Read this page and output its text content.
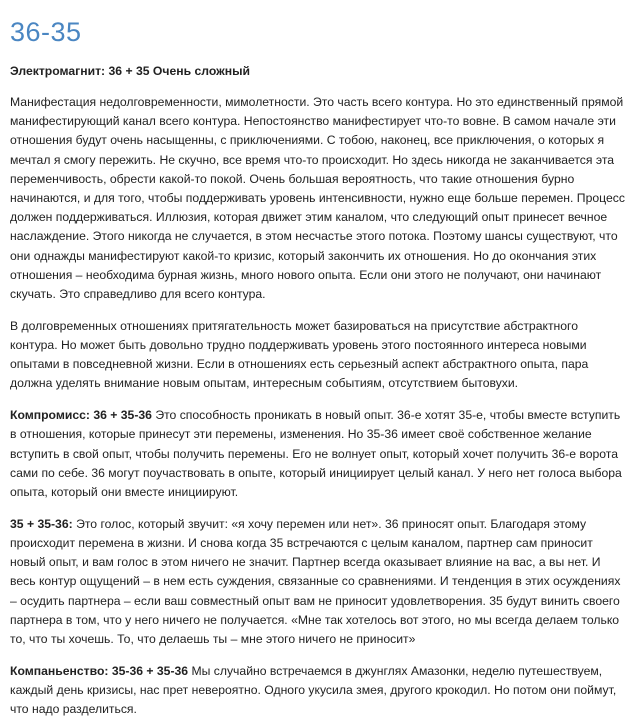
36-35
Электромагнит: 36 + 35 Очень сложный

Манифестация недолговременности, мимолетности. Это часть всего контура. Но это единственный прямой манифестирующий канал всего контура. Непостоянство манифестирует что-то вовне. В самом начале эти отношения будут очень насыщенны, с приключениями. С тобою, наконец, все приключения, о которых я мечтал я смогу пережить. Не скучно, все время что-то происходит. Но здесь никогда не заканчивается эта переменчивость, обрести какой-то покой. Очень большая вероятность, что такие отношения бурно начинаются, и для того, чтобы поддерживать уровень интенсивности, нужно еще больше перемен. Процесс должен поддерживаться. Иллюзия, которая движет этим каналом, что следующий опыт принесет вечное наслаждение. Этого никогда не случается, в этом несчастье этого потока. Поэтому шансы существуют, что они однажды манифестируют какой-то кризис, который закончить их отношения. Но до окончания этих отношения – необходима бурная жизнь, много нового опыта. Если они этого не получают, они начинают скучать. Это справедливо для всего контура.

В долговременных отношениях притягательность может базироваться на присутствие абстрактного контура. Но может быть довольно трудно поддерживать уровень этого постоянного интереса новыми опытами в повседневной жизни. Если в отношениях есть серьезный аспект абстрактного опыта, пара должна уделять внимание новым опытам, интересным событиям, отсутствием бытовухи.

Компромисс: 36 + 35-36 Это способность проникать в новый опыт. 36-е хотят 35-е, чтобы вместе вступить в отношения, которые принесут эти перемены, изменения. Но 35-36 имеет своё собственное желание вступить в свой опыт, чтобы получить перемены. Его не волнует опыт, который хочет получить 36-е ворота сами по себе. 36 могут поучаствовать в опыте, который инициирует целый канал. У него нет голоса выбора опыта, который они вместе инициируют.

35 + 35-36: Это голос, который звучит: «я хочу перемен или нет». 36 приносят опыт. Благодаря этому происходит перемена в жизни. И снова когда 35 встречаются с целым каналом, партнер сам приносит новый опыт, и вам голос в этом ничего не значит. Партнер всегда оказывает влияние на вас, а вы нет. И весь контур ощущений – в нем есть суждения, связанные со сравнениями. И тенденция в этих осуждениях – осудить партнера – если ваш совместный опыт вам не приносит удовлетворения. 35 будут винить своего партнера в том, что у него ничего не получается. «Мне так хотелось вот этого, но мы всегда делаем только то, что ты хочешь. То, что делаешь ты – мне этого ничего не приносит»

Компаньенство: 35-36 + 35-36 Мы случайно встречаемся в джунглях Амазонки, неделю путешествуем, каждый день кризисы, нас прет невероятно. Одного укусила змея, другого крокодил. Но потом они поймут, что надо разделиться.
